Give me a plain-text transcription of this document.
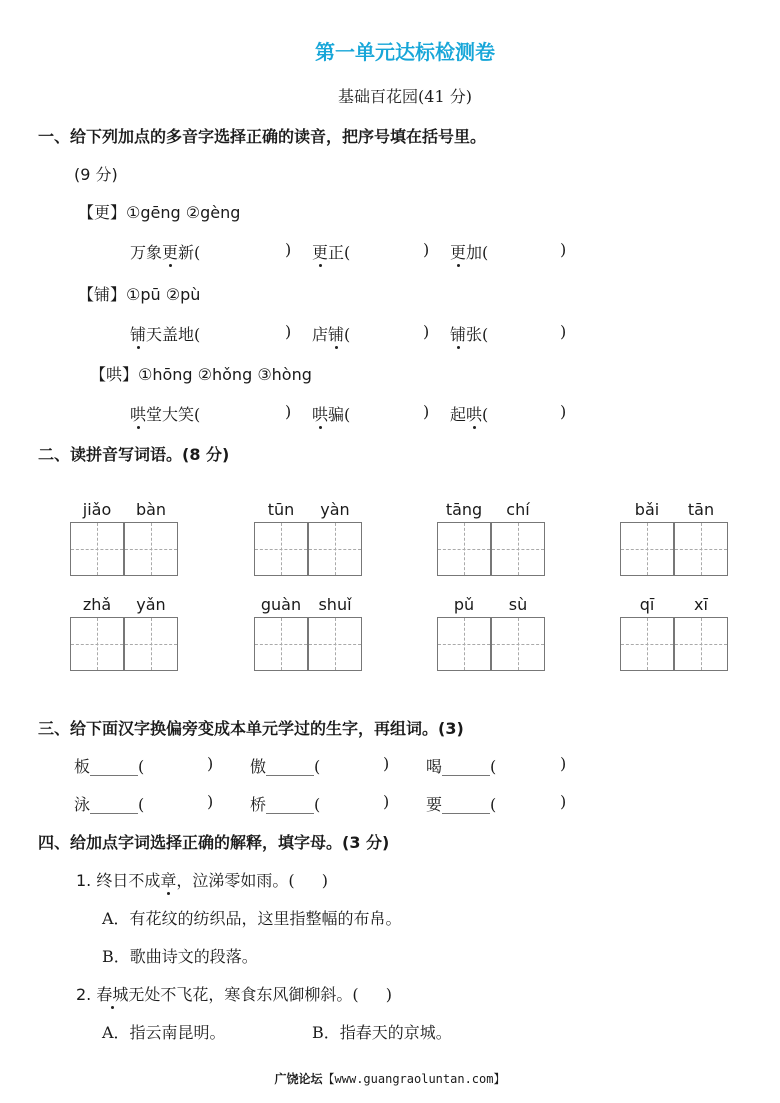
第一单元达标检测卷
基础百花园(41 分)
一、给下列加点的多音字选择正确的读音，把序号填在括号里。
(9 分)
【更】①gēng ②gèng
万象更新(	) 更正(	) 更加(	)
【铺】①pū ②pù
铺天盖地(	) 店铺(	) 铺张(	)
【哄】①hōng ②hǒng ③hòng
哄堂大笑(	) 哄骗(	) 起哄(	)
二、读拼音写词语。(8 分)
jiǎo	bàn	tūn	yàn	tāng	chí	bǎi	tān
zhǎ	yǎn	guàn	shuǐ	pǔ	sù	qī	xī
三、给下面汉字换偏旁变成本单元学过的生字，再组词。(3)
板______(	) 傲______(	) 喝______(	)
泳______(	) 桥______(	) 要______(	)
四、给加点字词选择正确的解释，填字母。(3 分)
1. 终日不成章，泣涕零如雨。( )
A．有花纹的纺织品，这里指整幅的布帛。
B．歌曲诗文的段落。
2. 春城无处不飞花，寒食东风御柳斜。( )
A．指云南昆明。	B．指春天的京城。
广饶论坛【www.guangraoluntan.com】
